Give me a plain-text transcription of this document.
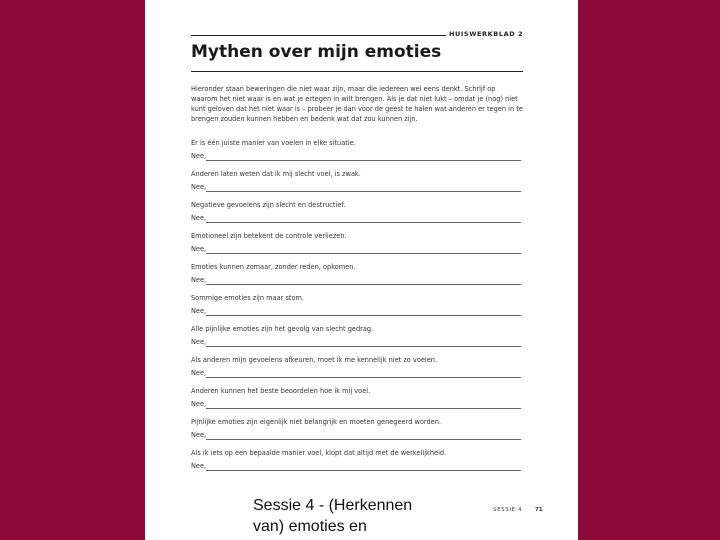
HUISWERKBLAD 2
Mythen over mijn emoties
Hieronder staan beweringen die niet waar zijn, maar die iedereen wel eens denkt. Schrijf op waarom het niet waar is en wat je ertegen in wilt brengen. Als je dat niet lukt – omdat je (nog) niet kunt geloven dat het niet waar is – probeer je dan voor de geest te halen wat anderen er tegen in te brengen zouden kunnen hebben en bedenk wat dat zou kunnen zijn.
Er is één juiste manier van voelen in elke situatie.
Nee,
Anderen laten weten dat ik mij slecht voel, is zwak.
Nee,
Negatieve gevoelens zijn slecht en destructief.
Nee,
Emotioneel zijn betekent de controle verliezen.
Nee,
Emoties kunnen zomaar, zonder reden, opkomen.
Nee,
Sommige emoties zijn maar stom.
Nee,
Alle pijnlijke emoties zijn het gevolg van slecht gedrag.
Nee,
Als anderen mijn gevoelens afkeuren, moet ik me kennelijk niet zo voelen.
Nee,
Anderen kunnen het beste beoordelen hoe ik mij voel.
Nee,
Pijnlijke emoties zijn eigenlijk niet belangrijk en moeten genegeerd worden.
Nee,
Als ik iets op een bepaalde manier voel, klopt dat altijd met de werkelijkheid.
Nee,
SESSIE 4 71
Sessie 4 - (Herkennen
van) emoties en
